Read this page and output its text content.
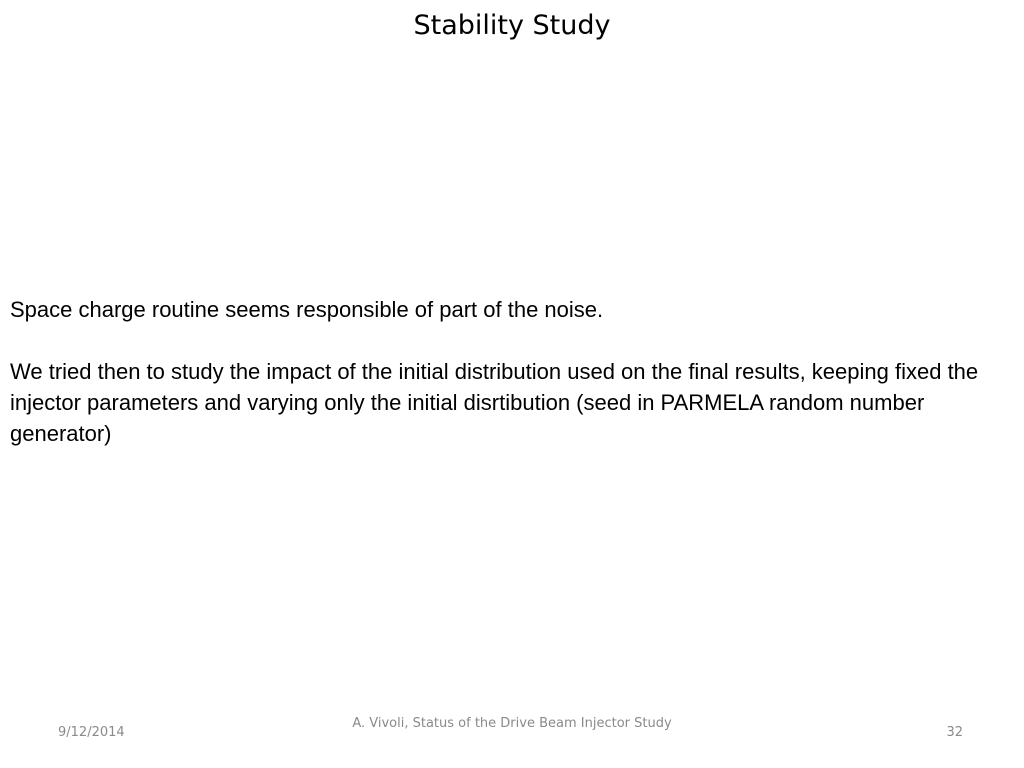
Stability Study

Space charge routine seems responsible of part of the noise.

We tried then to study the impact of the initial distribution used on the final results, keeping fixed the injector parameters and varying only the initial disrtibution (seed in PARMELA random number generator)

9/12/2014
A. Vivoli, Status of the Drive Beam Injector Study
32
